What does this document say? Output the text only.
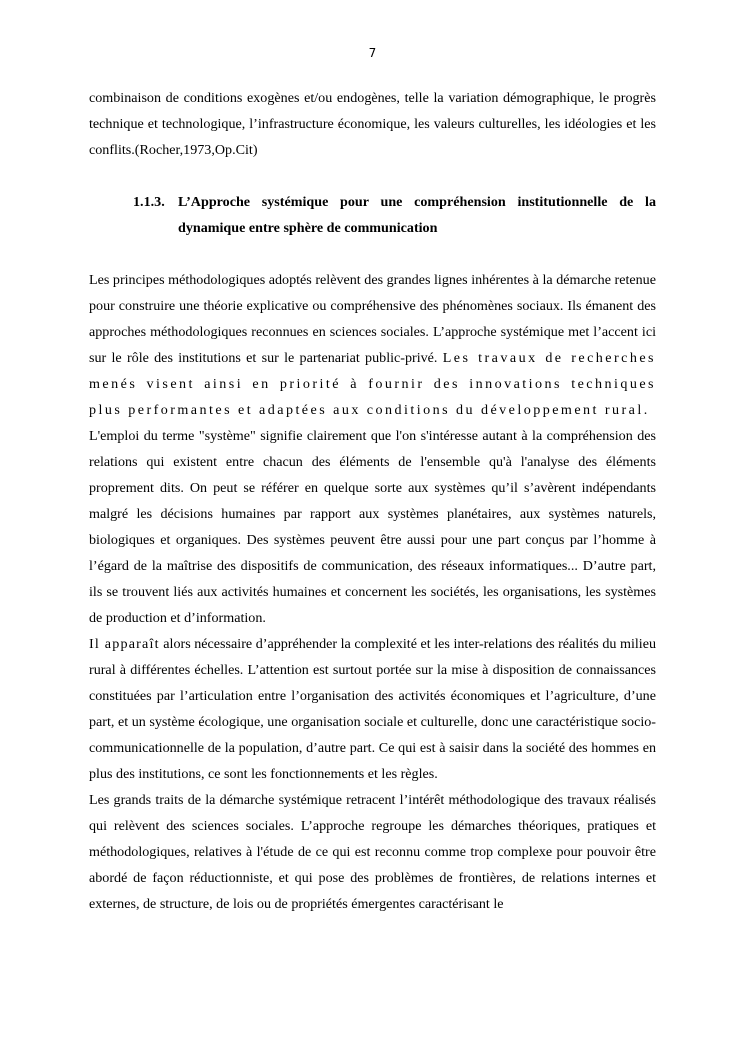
7

combinaison de conditions exogènes et/ou endogènes, telle la variation démographique, le progrès technique et technologique, l’infrastructure économique, les valeurs culturelles, les idéologies et les conflits.(Rocher,1973,Op.Cit)

1.1.3. L’Approche systémique pour une compréhension institutionnelle de la dynamique entre sphère de communication

Les principes méthodologiques adoptés relèvent des grandes lignes inhérentes à la démarche retenue pour construire une théorie explicative ou compréhensive des phénomènes sociaux. Ils émanent des approches méthodologiques reconnues en sciences sociales. L’approche systémique met l’accent ici sur le rôle des institutions et sur le partenariat public-privé. Les travaux de recherches menés visent ainsi en priorité à fournir des innovations techniques plus performantes et adaptées aux conditions du développement rural.

L'emploi du terme "système" signifie clairement que l'on s'intéresse autant à la compréhension des relations qui existent entre chacun des éléments de l'ensemble qu'à l'analyse des éléments proprement dits. On peut se référer en quelque sorte aux systèmes qu’il s’avèrent indépendants malgré les décisions humaines par rapport aux systèmes planétaires, aux systèmes naturels, biologiques et organiques. Des systèmes peuvent être aussi pour une part conçus par l’homme à l’égard de la maîtrise des dispositifs de communication, des réseaux informatiques... D’autre part, ils se trouvent liés aux activités humaines et concernent les sociétés, les organisations, les systèmes de production et d’information.

Il apparaît alors nécessaire d’appréhender la complexité et les inter-relations des réalités du milieu rural à différentes échelles. L’attention est surtout portée sur la mise à disposition de connaissances constituées par l’articulation entre l’organisation des activités économiques et l’agriculture, d’une part, et un système écologique, une organisation sociale et culturelle, donc une caractéristique socio- communicationnelle de la population, d’autre part. Ce qui est à saisir dans la société des hommes en plus des institutions, ce sont les fonctionnements et les règles.

Les grands traits de la démarche systémique retracent l’intérêt méthodologique des travaux réalisés qui relèvent des sciences sociales. L’approche regroupe les démarches théoriques, pratiques et méthodologiques, relatives à l'étude de ce qui est reconnu comme trop complexe pour pouvoir être abordé de façon réductionniste, et qui pose des problèmes de frontières, de relations internes et externes, de structure, de lois ou de propriétés émergentes caractérisant le
